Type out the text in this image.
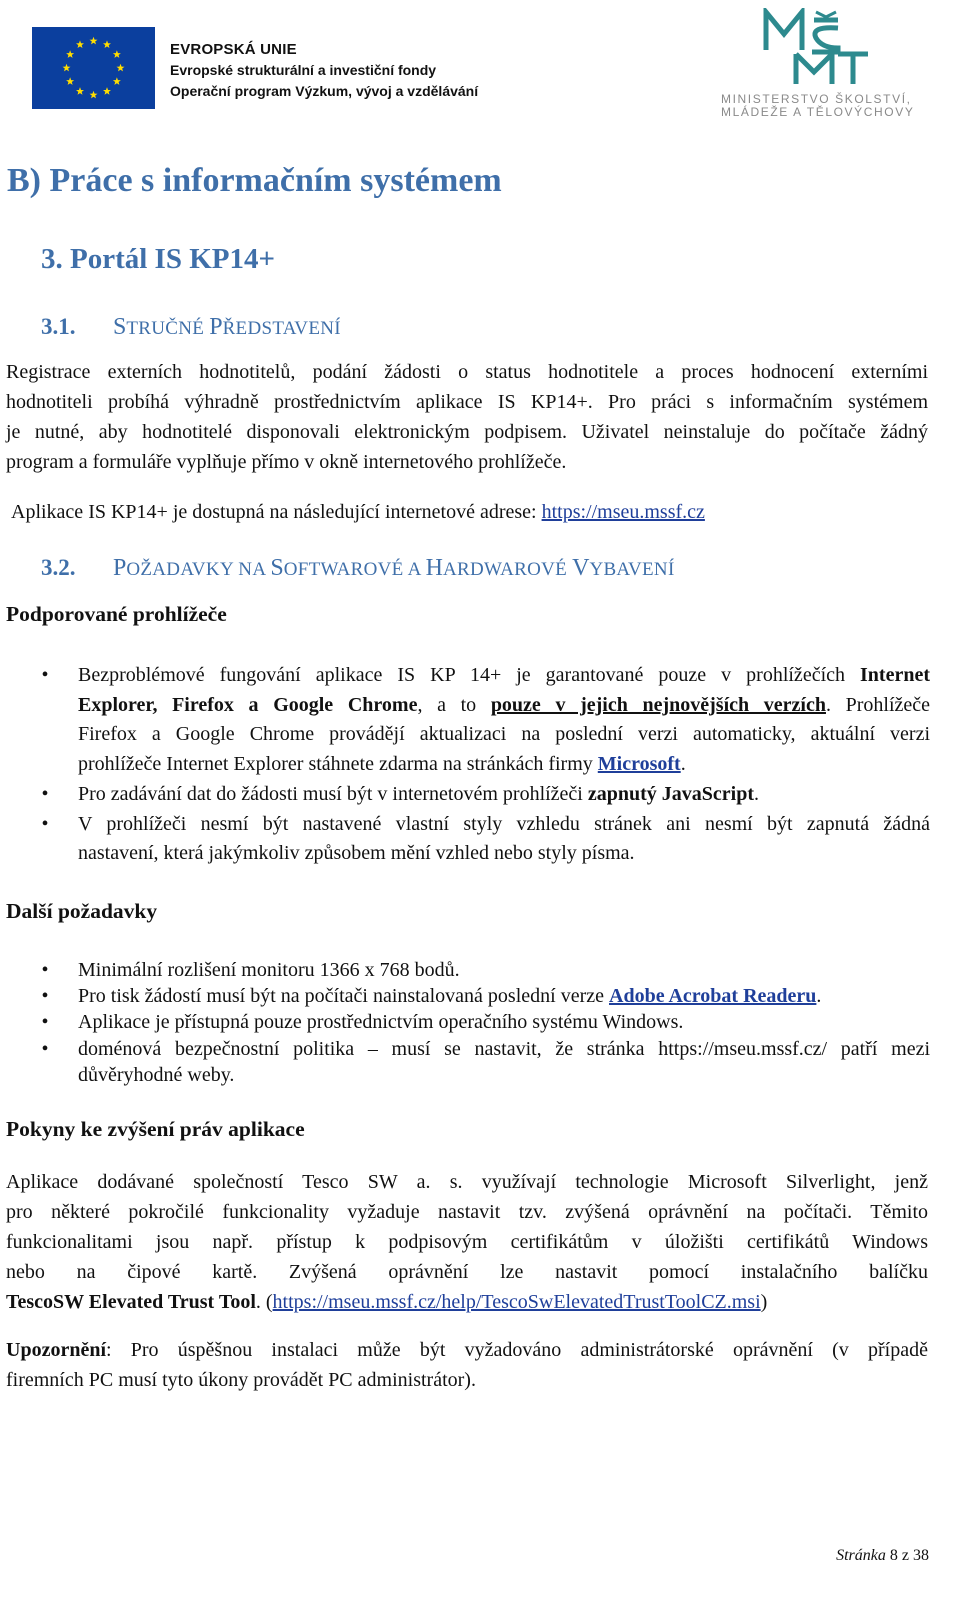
EVROPSKÁ UNIE
Evropské strukturální a investiční fondy
Operační program Výzkum, vývoj a vzdělávání	MINISTERSTVO ŠKOLSTVÍ,
MLÁDEŽE A TĚLOVÝCHOVY
B) Práce s informačním systémem
3. Portál IS KP14+
3.1. STRUČNÉ PŘEDSTAVENÍ
Registrace externích hodnotitelů, podání žádosti o status hodnotitele a proces hodnocení externími
hodnotiteli probíhá výhradně prostřednictvím aplikace IS KP14+. Pro práci s informačním systémem
je nutné, aby hodnotitelé disponovali elektronickým podpisem. Uživatel neinstaluje do počítače žádný
program a formuláře vyplňuje přímo v okně internetového prohlížeče.
Aplikace IS KP14+ je dostupná na následující internetové adrese: https://mseu.mssf.cz
3.2. POŽADAVKY NA SOFTWAROVÉ A HARDWAROVÉ VYBAVENÍ
Podporované prohlížeče
• Bezproblémové fungování aplikace IS KP 14+ je garantované pouze v prohlížečích Internet
Explorer, Firefox a Google Chrome, a to pouze v jejich nejnovějších verzích. Prohlížeče
Firefox a Google Chrome provádějí aktualizaci na poslední verzi automaticky, aktuální verzi
prohlížeče Internet Explorer stáhnete zdarma na stránkách firmy Microsoft.
• Pro zadávání dat do žádosti musí být v internetovém prohlížeči zapnutý JavaScript.
• V prohlížeči nesmí být nastavené vlastní styly vzhledu stránek ani nesmí být zapnutá žádná
nastavení, která jakýmkoliv způsobem mění vzhled nebo styly písma.
Další požadavky
• Minimální rozlišení monitoru 1366 x 768 bodů.
• Pro tisk žádostí musí být na počítači nainstalovaná poslední verze Adobe Acrobat Readeru.
• Aplikace je přístupná pouze prostřednictvím operačního systému Windows.
• doménová bezpečnostní politika – musí se nastavit, že stránka https://mseu.mssf.cz/ patří mezi
důvěryhodné weby.
Pokyny ke zvýšení práv aplikace
Aplikace dodávané společností Tesco SW a. s. využívají technologie Microsoft Silverlight, jenž
pro některé pokročilé funkcionality vyžaduje nastavit tzv. zvýšená oprávnění na počítači. Těmito
funkcionalitami jsou např. přístup k podpisovým certifikátům v úložišti certifikátů Windows
nebo na čipové kartě. Zvýšená oprávnění lze nastavit pomocí instalačního balíčku
TescoSW Elevated Trust Tool. (https://mseu.mssf.cz/help/TescoSwElevatedTrustToolCZ.msi)
Upozornění: Pro úspěšnou instalaci může být vyžadováno administrátorské oprávnění (v případě
firemních PC musí tyto úkony provádět PC administrátor).
Stránka 8 z 38
